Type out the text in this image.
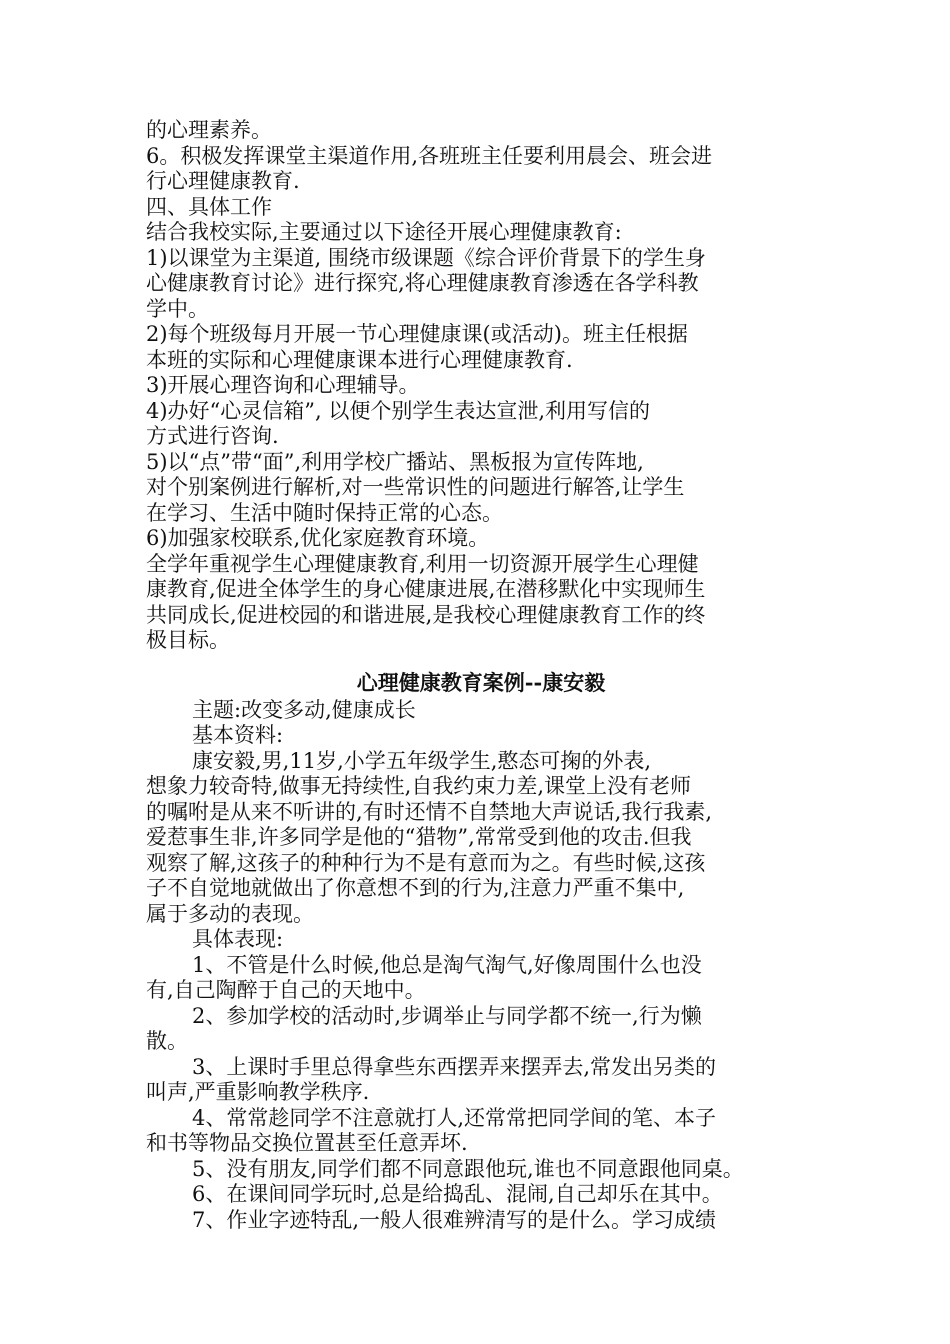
的心理素养。

6。积极发挥课堂主渠道作用,各班班主任要利用晨会、班会进

行心理健康教育.

四、具体工作

结合我校实际,主要通过以下途径开展心理健康教育:

1)以课堂为主渠道, 围绕市级课题《综合评价背景下的学生身

心健康教育讨论》进行探究,将心理健康教育渗透在各学科教

学中。

2)每个班级每月开展一节心理健康课(或活动)。班主任根据

本班的实际和心理健康课本进行心理健康教育.

3)开展心理咨询和心理辅导。

4)办好“心灵信箱”, 以便个别学生表达宣泄,利用写信的

方式进行咨询.

5)以“点”带“面”,利用学校广播站、黑板报为宣传阵地,

对个别案例进行解析,对一些常识性的问题进行解答,让学生

在学习、生活中随时保持正常的心态。

6)加强家校联系,优化家庭教育环境。

全学年重视学生心理健康教育,利用一切资源开展学生心理健

康教育,促进全体学生的身心健康进展,在潜移默化中实现师生

共同成长,促进校园的和谐进展,是我校心理健康教育工作的终

极目标。

心理健康教育案例--康安毅

主题:改变多动,健康成长

基本资料:

康安毅,男,11岁,小学五年级学生,憨态可掬的外表,

想象力较奇特,做事无持续性,自我约束力差,课堂上没有老师

的嘱咐是从来不听讲的,有时还情不自禁地大声说话,我行我素,

爱惹事生非,许多同学是他的“猎物”,常常受到他的攻击.但我

观察了解,这孩子的种种行为不是有意而为之。有些时候,这孩

子不自觉地就做出了你意想不到的行为,注意力严重不集中,

属于多动的表现。

具体表现:

1、不管是什么时候,他总是淘气淘气,好像周围什么也没

有,自己陶醉于自己的天地中。

2、参加学校的活动时,步调举止与同学都不统一,行为懒

散。

3、上课时手里总得拿些东西摆弄来摆弄去,常发出另类的

叫声,严重影响教学秩序.

4、常常趁同学不注意就打人,还常常把同学间的笔、本子

和书等物品交换位置甚至任意弄坏.

5、没有朋友,同学们都不同意跟他玩,谁也不同意跟他同桌。

6、在课间同学玩时,总是给捣乱、混闹,自己却乐在其中。

7、作业字迹特乱,一般人很难辨清写的是什么。学习成绩
